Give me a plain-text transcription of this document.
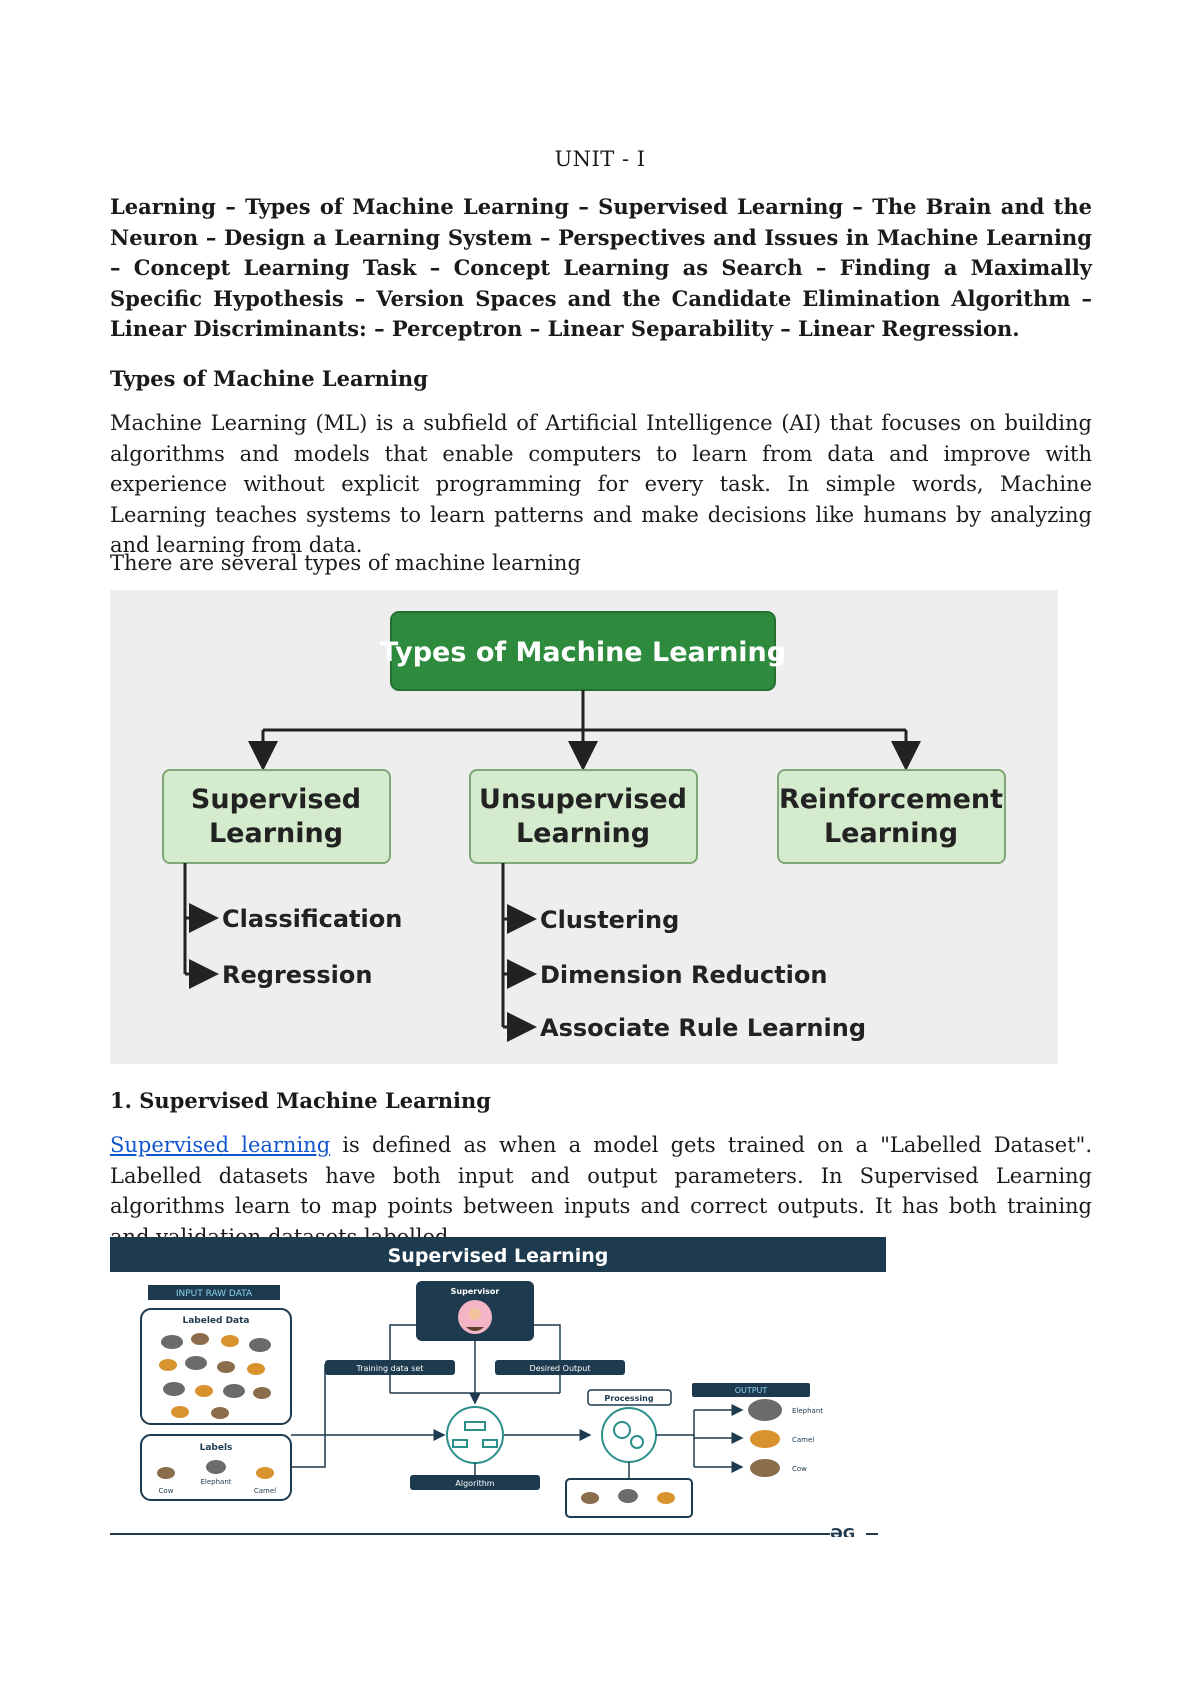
UNIT - I
Learning – Types of Machine Learning – Supervised Learning – The Brain and the Neuron – Design a Learning System – Perspectives and Issues in Machine Learning – Concept Learning Task – Concept Learning as Search – Finding a Maximally Specific Hypothesis – Version Spaces and the Candidate Elimination Algorithm – Linear Discriminants: – Perceptron – Linear Separability – Linear Regression.
Types of Machine Learning
Machine Learning (ML) is a subfield of Artificial Intelligence (AI) that focuses on building algorithms and models that enable computers to learn from data and improve with experience without explicit programming for every task. In simple words, Machine Learning teaches systems to learn patterns and make decisions like humans by analyzing and learning from data.
There are several types of machine learning
Types of Machine Learning
Supervised
Learning
Unsupervised
Learning
Reinforcement
Learning
Classification
Regression
Clustering
Dimension Reduction
Associate Rule Learning
1. Supervised Machine Learning
Supervised learning is defined as when a model gets trained on a "Labelled Dataset". Labelled datasets have both input and output parameters. In Supervised Learning algorithms learn to map points between inputs and correct outputs. It has both training
Supervised Learning
INPUT RAW DATA
Labeled Data
Labels
Cow
Elephant
Camel
Supervisor
Training data set	Desired Output
Algorithm
Processing
OUTPUT
Elephant
Camel
Cow
ƏG
